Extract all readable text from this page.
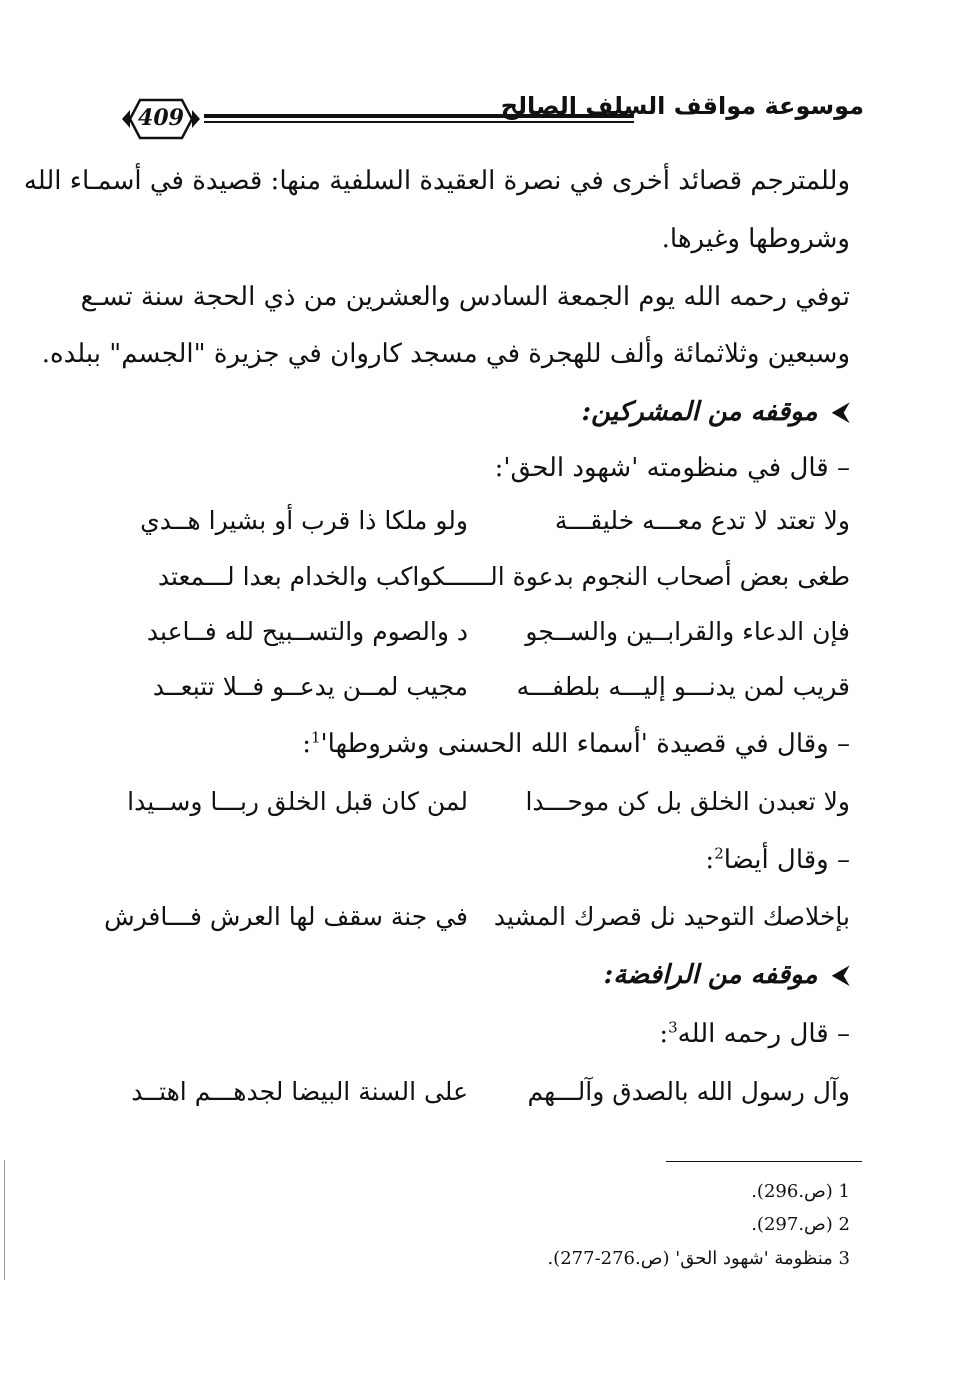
409	موسوعة مواقف السلف الصالح
وللمترجم قصائد أخرى في نصرة العقيدة السلفية منها: قصيدة في أسمـاء الله
وشروطها وغيرها.
توفي رحمه الله يوم الجمعة السادس والعشرين من ذي الحجة سنة تسـع
وسبعين وثلاثمائة وألف للهجرة في مسجد كاروان في جزيرة "الجسم" ببلده.
⮜موقفه من المشركين:
– قال في منظومته 'شهود الحق':
ولا تعتد لا تدع معـــه خليقـــة
ولو ملكا ذا قرب أو بشيرا هــدي
طغى بعض أصحاب النجوم بدعوة الـــ
ـــكواكب والخدام بعدا لـــمعتد
فإن الدعاء والقرابــين والســجو
د والصوم والتســبيح لله فــاعبد
قريب لمن يدنـــو إليـــه بلطفـــه
مجيب لمــن يدعــو فــلا تتبعــد
– وقال في قصيدة 'أسماء الله الحسنى $وشروطها'^1$:
ولا تعبدن الخلق بل كن موحـــدا
لمن كان قبل الخلق ربـــا وســيدا
– وقال أيضا$^2$:
بإخلاصك التوحيد نل قصرك المشيد
في جنة سقف لها العرش فـــافرش
⮜موقفه من الرافضة:
– قال رحمه الله$^3$:
وآل رسول الله بالصدق وآلـــهم
على السنة البيضا لجدهـــم اهتــد
1 (ص.296).
2 (ص.297).
3 منظومة 'شهود الحق' (ص.276-277).
